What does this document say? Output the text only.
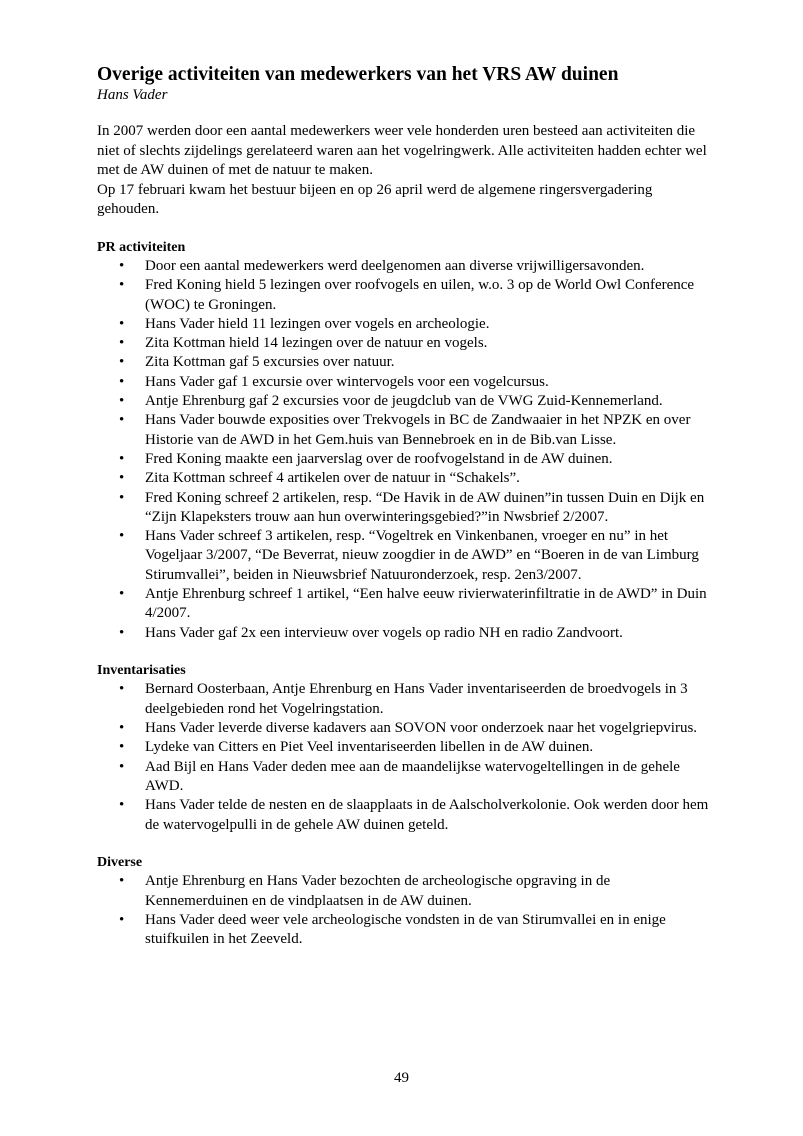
Overige activiteiten van medewerkers van het VRS AW duinen
Hans Vader

In 2007 werden door een aantal medewerkers weer vele honderden uren besteed aan activiteiten die niet of slechts zijdelings gerelateerd waren aan het vogelringwerk. Alle activiteiten hadden echter wel met de AW duinen of met de natuur te maken.

Op 17 februari kwam het bestuur bijeen en op 26 april werd de algemene ringersvergadering gehouden.

PR activiteiten
• Door een aantal medewerkers werd deelgenomen aan diverse vrijwilligersavonden.
• Fred Koning hield 5 lezingen over roofvogels en uilen, w.o. 3 op de World Owl Conference (WOC) te Groningen.
• Hans Vader hield 11 lezingen over vogels en archeologie.
• Zita Kottman hield 14 lezingen over de natuur en vogels.
• Zita Kottman gaf 5 excursies over natuur.
• Hans Vader gaf 1 excursie over wintervogels voor een vogelcursus.
• Antje Ehrenburg gaf 2 excursies voor de jeugdclub van de VWG Zuid-Kennemerland.
• Hans Vader bouwde exposities over Trekvogels in BC de Zandwaaier in het NPZK en over Historie van de AWD in het Gem.huis van Bennebroek en in de Bib.van Lisse.
• Fred Koning maakte een jaarverslag over de roofvogelstand in de AW duinen.
• Zita Kottman schreef 4 artikelen over de natuur in “Schakels”.
• Fred Koning schreef 2 artikelen, resp. “De Havik in de AW duinen”in tussen Duin en Dijk en “Zijn Klapeksters trouw aan hun overwinteringsgebied?”in Nwsbrief 2/2007.
• Hans Vader schreef 3 artikelen, resp. “Vogeltrek en Vinkenbanen, vroeger en nu” in het Vogeljaar 3/2007, “De Beverrat, nieuw zoogdier in de AWD” en “Boeren in de van Limburg Stirumvallei”, beiden in Nieuwsbrief Natuuronderzoek, resp. 2en3/2007.
• Antje Ehrenburg schreef 1 artikel, “Een halve eeuw rivierwaterinfiltratie in de AWD” in Duin 4/2007.
• Hans Vader gaf 2x een intervieuw over vogels op radio NH en radio Zandvoort.
Inventarisaties
• Bernard Oosterbaan, Antje Ehrenburg en Hans Vader inventariseerden de broedvogels in 3 deelgebieden rond het Vogelringstation.
• Hans Vader leverde diverse kadavers aan SOVON voor onderzoek naar het vogelgriepvirus.
• Lydeke van Citters en Piet Veel inventariseerden libellen in de AW duinen.
• Aad Bijl en Hans Vader deden mee aan de maandelijkse watervogeltellingen in de gehele AWD.
• Hans Vader telde de nesten en de slaapplaats in de Aalscholverkolonie. Ook werden door hem de watervogelpulli in de gehele AW duinen geteld.
Diverse
• Antje Ehrenburg en Hans Vader bezochten de archeologische opgraving in de Kennemerduinen en de vindplaatsen in de AW duinen.
• Hans Vader deed weer vele archeologische vondsten in de van Stirumvallei en in enige stuifkuilen in het Zeeveld.
49
